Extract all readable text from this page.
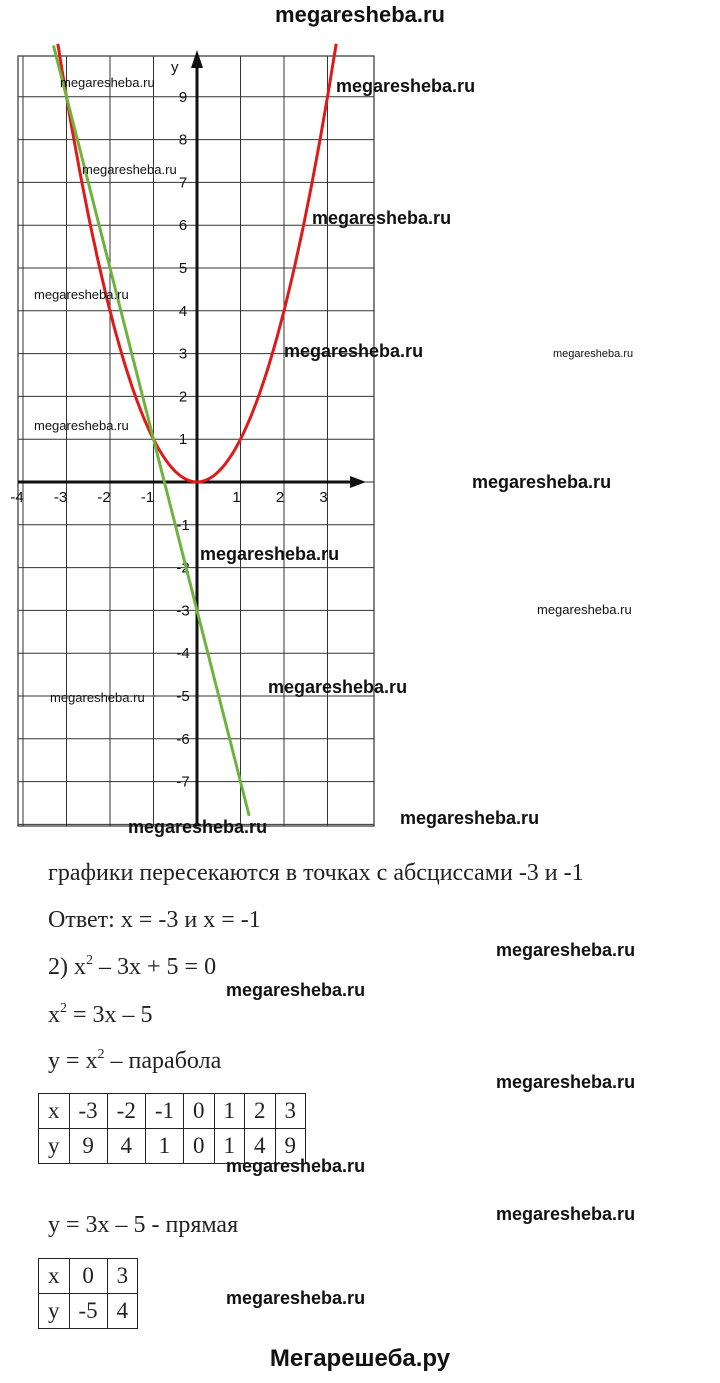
megaresheba.ru
y
-4 -3 -2 -1	1 2 3
9
8
7
6
5
4
3
2
1
-1
-2
-3
-4
-5
-6
-7
megaresheba.ru	megaresheba.ru
megaresheba.ru
megaresheba.ru
megaresheba.ru
megaresheba.ru	megaresheba.ru
megaresheba.ru
megaresheba.ru
megaresheba.ru
megaresheba.ru
megaresheba.ru
megaresheba.ru
megaresheba.ru
megaresheba.ru
megaresheba.ru
megaresheba.ru
megaresheba.ru
megaresheba.ru
megaresheba.ru
megaresheba.ru
графики пересекаются в точках с абсциссами -3 и -1
Ответ: x = -3 и x = -1
2) $x^2 - 3x + 5 = 0$
$x^2 = 3x - 5$
$y = x^2$ – парабола
x	-3	-2	-1	0	1	2	3
y	9	4	1	0	1	4	9
y = 3x – 5 - прямая
x	0	3
y	-5	4
Мегарешеба.ру
